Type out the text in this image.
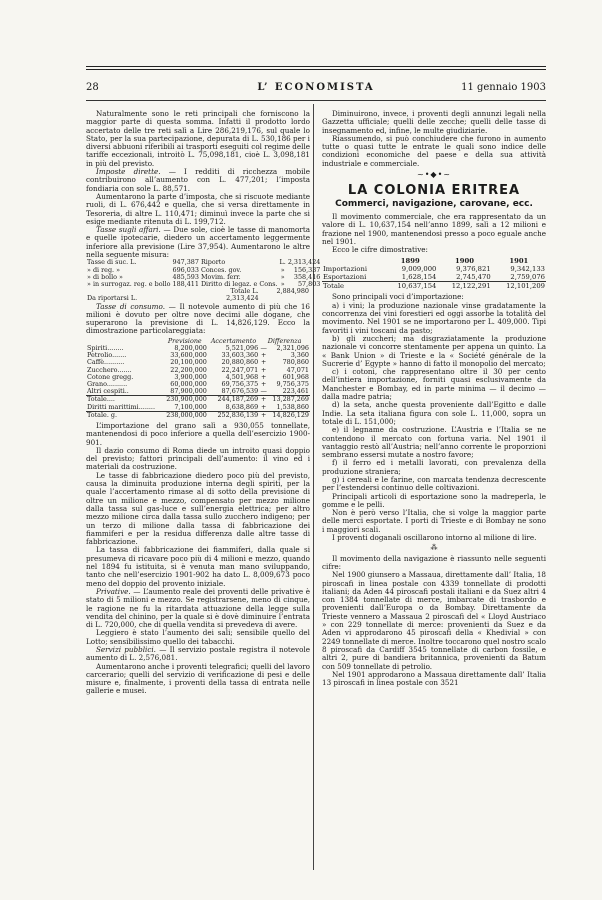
28	L’ ECONOMISTA	11 gennaio 1903

Naturalmente sono le reti principali che forniscono la maggior parte di questa somma. Infatti il prodotto lordo accertato delle tre reti salì a Lire 286,219,176, sul quale lo Stato, per la sua partecipazione, depurata di L. 530,186 per i diversi abbuoni riferibili ai trasporti eseguiti col regime delle tariffe eccezionali, introitò L. 75,098,181, cioè L. 3,098,181 in più del previsto.

Imposte dirette. — I redditi di ricchezza mobile contribuirono all’aumento con L. 477,201; l’imposta fondiaria con sole L. 88,571.

Aumentarono la parte d’imposta, che si riscuote mediante ruoli, di L. 676,442 e quella, che si versa direttamente in Tesoreria, di altre L. 110,471; diminuì invece la parte che si esige mediante ritenuta di L. 199,712.

Tasse sugli affari. — Due sole, cioè le tasse di manomorta e quelle ipotecarie, diedero un accertamento leggermente inferiore alla previsione (Lire 37,954). Aumentarono le altre nella seguente misura:

Tasse di suc. L.	947,387	Riporto	L.	2,313,424
» di reg. »	696,033	Conces. gov.	»	156,337
» di bollo »	485,593	Movim. ferr.	»	358,416
» in surrogaz. reg. e bollo	188,411	Diritto di legaz. e Cons.	»	57,803
	Totale L.	2,884,980
Da riportarsi L.	2,313,424	

Tasse di consumo. — Il notevole aumento di più che 16 milioni è dovuto per oltre nove decimi alle dogane, che superarono la previsione di L. 14,826,129. Ecco la dimostrazione particolareggiata:

	Previsione	Accertamento	Differenza	
Spiriti........	8,200,000	5,521,096	—	2,321,096
Petrolio.......	33,600,000	33,603,360	+	3,360
Caffè..........	20,100,000	20,880,860	+	780,860
Zucchero.......	22,200,000	22,247,071	+	47,071
Cotone gregg.	3,900,000	4,501,968	+	601,968
Grano..........	60,000,000	69,756,375	+	9,756,375
Altri cespiti..	87,900,000	87,676,539	—	223,461
Totale....	230,900,000	244,187,269	+	13,287,269
Diritti marittimi........	7,100,000	8,638,869	+	1,538,860
Totale. g.	238,000,000	252,836,139	+	14,826,129

L’importazione del grano salì a 930,055 tonnellate, mantenendosi di poco inferiore a quella dell’esercizio 1900-901.

Il dazio consumo di Roma diede un introito quasi doppio del previsto; fattori principali dell’aumento: il vino ed i materiali da costruzione.

Le tasse di fabbricazione diedero poco più del previsto, causa la diminuita produzione interna degli spiriti, per la quale l’accertamento rimase al di sotto della previsione di oltre un milione e mezzo, compensato per mezzo milione dalla tassa sul gas-luce e sull’energia elettrica; per altro mezzo milione circa dalla tassa sullo zucchero indigeno; per un terzo di milione dalla tassa di fabbricazione dei fiammiferi e per la residua differenza dalle altre tasse di fabbricazione.

La tassa di fabbricazione dei fiammiferi, dalla quale si presumeva di ricavare poco più di 4 milioni e mezzo, quando nel 1894 fu istituita, si è venuta man mano sviluppando, tanto che nell’esercizio 1901-902 ha dato L. 8,009,673 poco meno del doppio del provento iniziale.

Privative. — L’aumento reale dei proventi delle privative è stato di 5 milioni e mezzo. Se registrarsene, meno di cinque, le ragione ne fu la ritardata attuazione della legge sulla vendita del chinino, per la quale si è dovè diminuire l’entrata di L. 720,000, che di quella vendita si prevedeva di avere.

Leggiero è stato l’aumento dei sali; sensibile quello del Lotto; sensibilissimo quello dei tabacchi.

Servizi pubblici. — Il servizio postale registra il notevole aumento di L. 2,576,081.

Aumentarono anche i proventi telegrafici; quelli del lavoro carcerario; quelli del servizio di verificazione di pesi e delle misure e, finalmente, i proventi della tassa di entrata nelle gallerie e musei.

Diminuirono, invece, i proventi degli annunzi legali nella Gazzetta ufficiale; quelli delle zecche; quelli delle tasse di insegnamento ed, infine, le multe giudiziarie.

Riassumendo, si può conchiudere che furono in aumento tutte o quasi tutte le entrate le quali sono indice delle condizioni economiche del paese e della sua attività industriale e commerciale.

~•◆•~
LA COLONIA ERITREA
Commerci, navigazione, carovane, ecc.

Il movimento commerciale, che era rappresentato da un valore di L. 10,637,154 nell’anno 1899, salì a 12 milioni e frazione nel 1900, mantenendosi presso a poco eguale anche nel 1901.

Ecco le cifre dimostrative:

	1899	1900	1901
Importazioni	9,009,000	9,376,821	9,342,133
Esportazioni	1,628,154	2,745,470	2,759,076
Totale	10,637,154	12,122,291	12,101,209

Sono principali voci d’importazione:

a) i vini; la produzione nazionale vinse gradatamente la concorrenza dei vini forestieri ed oggi assorbe la totalità del movimento. Nel 1901 se ne importarono per L. 409,000. Tipi favoriti i vini toscani da pasto;

b) gli zuccheri; ma disgraziatamente la produzione nazionale vi concorre stentamente per appena un quinto. La « Bank Union » di Trieste e la « Société générale de la Sucrerie d’ Egypte » hanno di fatto il monopolio del mercato;

c) i cotoni, che rappresentano oltre il 30 per cento dell’intiera importazione, forniti quasi esclusivamente da Manchester e Bombay, ed in parte minima — il decimo — dalla madre patria;

d) la seta, anche questa proveniente dall’Egitto e dalle Indie. La seta italiana figura con sole L. 11,000, sopra un totale di L. 151,000;

e) il legname da costruzione. L’Austria e l’Italia se ne contendono il mercato con fortuna varia. Nel 1901 il vantaggio restò all’Austria; nell’anno corrente le proporzioni sembrano essersi mutate a nostro favore;

f) il ferro ed i metalli lavorati, con prevalenza della produzione straniera;

g) i cereali e le farine, con marcata tendenza decrescente per l’estendersi continuo delle coltivazioni.

Principali articoli di esportazione sono la madreperla, le gomme e le pelli.

Non è però verso l’Italia, che si volge la maggior parte delle merci esportate. I porti di Trieste e di Bombay ne sono i maggiori scali.

I proventi doganali oscillarono intorno al milione di lire.

⁂

Il movimento della navigazione è riassunto nelle seguenti cifre:

Nel 1900 giunsero a Massaua, direttamente dall’ Italia, 18 piroscafi in linea postale con 4339 tonnellate di prodotti italiani; da Aden 44 piroscafi postali italiani e da Suez altri 4 con 1384 tonnellate di merce, imbarcate di trasbordo e provenienti dall’Europa o da Bombay. Direttamente da Trieste vennero a Massaua 2 piroscafi del « Lloyd Austriaco » con 229 tonnellate di merce: provenienti da Suez e da Aden vi approdarono 45 piroscafi della « Khedivial » con 2249 tonnellate di merce. Inoltre toccarono quel nostro scalo 8 piroscafi da Cardiff 3545 tonnellate di carbon fossile, e altri 2, pure di bandiera britannica, provenienti da Batum con 509 tonnellate di petrolio.

Nel 1901 approdarono a Massaua direttamente dall’ Italia 13 piroscafi in linea postale con 3521
